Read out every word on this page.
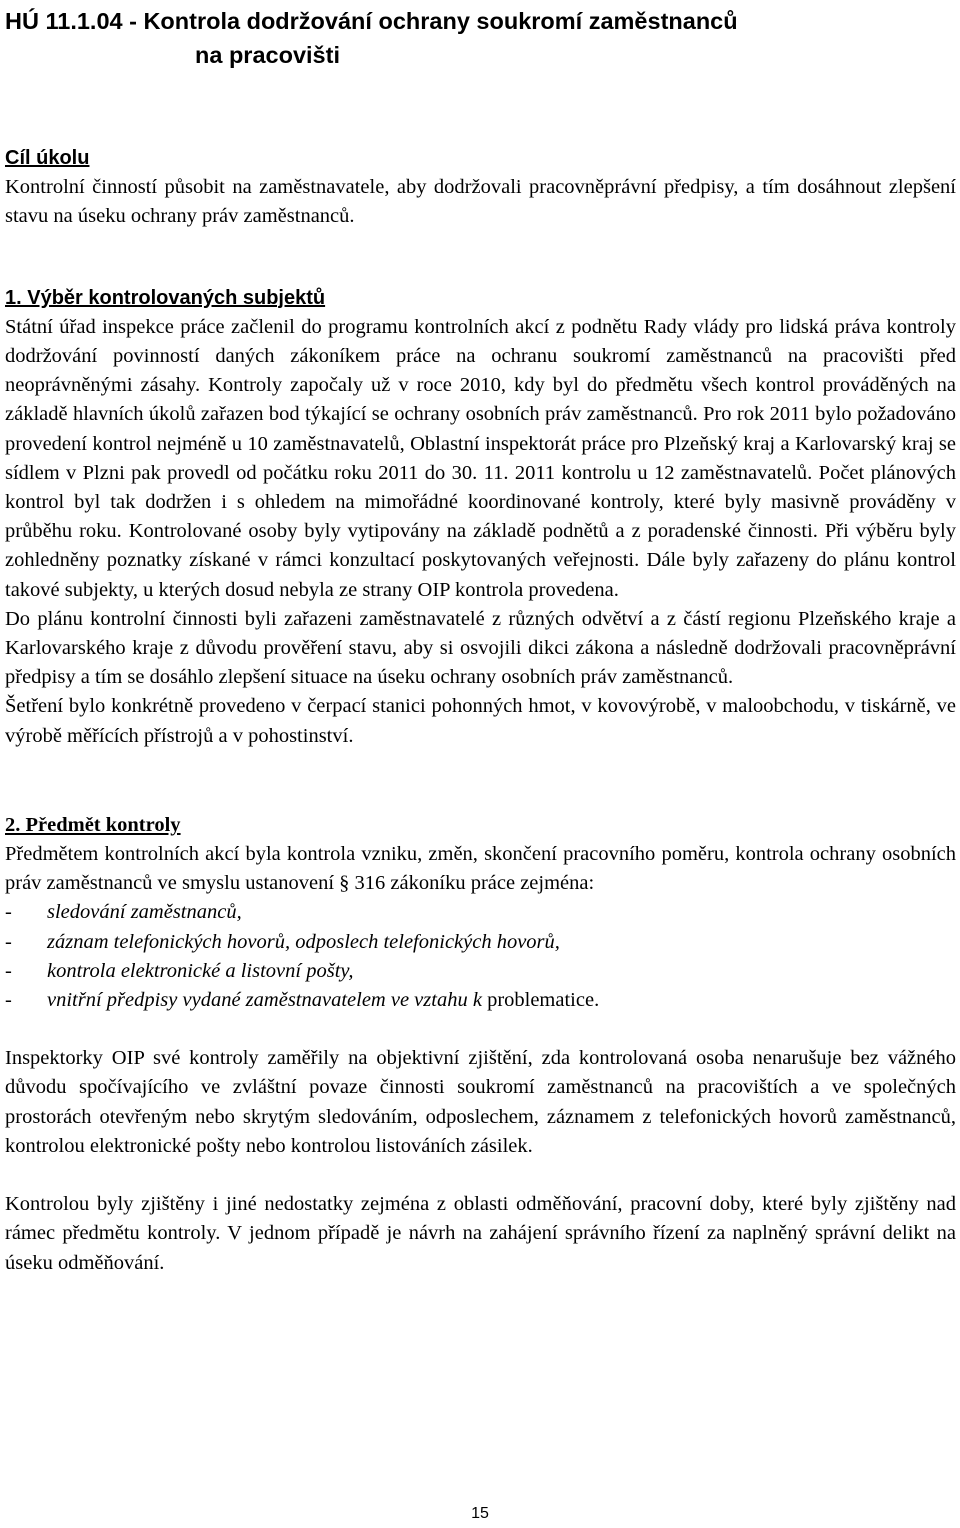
HÚ 11.1.04 - Kontrola dodržování ochrany soukromí zaměstnanců
na pracovišti
Cíl úkolu

Kontrolní činností působit na zaměstnavatele, aby dodržovali pracovněprávní předpisy, a tím dosáhnout zlepšení stavu na úseku ochrany práv zaměstnanců.

1. Výběr kontrolovaných subjektů

Státní úřad inspekce práce začlenil do programu kontrolních akcí z podnětu Rady vlády pro lidská práva kontroly dodržování povinností daných zákoníkem práce na ochranu soukromí zaměstnanců na pracovišti před neoprávněnými zásahy. Kontroly započaly už v roce 2010, kdy byl do předmětu všech kontrol prováděných na základě hlavních úkolů zařazen bod týkající se ochrany osobních práv zaměstnanců. Pro rok 2011 bylo požadováno provedení kontrol nejméně u 10 zaměstnavatelů, Oblastní inspektorát práce pro Plzeňský kraj a Karlovarský kraj se sídlem v Plzni pak provedl od počátku roku 2011 do 30. 11. 2011 kontrolu u 12 zaměstnavatelů. Počet plánových kontrol byl tak dodržen i s ohledem na mimořádné koordinované kontroly, které byly masivně prováděny v průběhu roku. Kontrolované osoby byly vytipovány na základě podnětů a z poradenské činnosti. Při výběru byly zohledněny poznatky získané v rámci konzultací poskytovaných veřejnosti. Dále byly zařazeny do plánu kontrol takové subjekty, u kterých dosud nebyla ze strany OIP kontrola provedena.

Do plánu kontrolní činnosti byli zařazeni zaměstnavatelé z různých odvětví a z částí regionu Plzeňského kraje a Karlovarského kraje z důvodu prověření stavu, aby si osvojili dikci zákona a následně dodržovali pracovněprávní předpisy a tím se dosáhlo zlepšení situace na úseku ochrany osobních práv zaměstnanců.

Šetření bylo konkrétně provedeno v čerpací stanici pohonných hmot, v kovovýrobě, v maloobchodu, v tiskárně, ve výrobě měřících přístrojů a v pohostinství.

2. Předmět kontroly

Předmětem kontrolních akcí byla kontrola vzniku, změn, skončení pracovního poměru, kontrola ochrany osobních práv zaměstnanců ve smyslu ustanovení § 316 zákoníku práce zejména:

-	sledování zaměstnanců,
-	záznam telefonických hovorů, odposlech telefonických hovorů,
-	kontrola elektronické a listovní pošty,
-	vnitřní předpisy vydané zaměstnavatelem ve vztahu k problematice.

Inspektorky OIP své kontroly zaměřily na objektivní zjištění, zda kontrolovaná osoba nenarušuje bez vážného důvodu spočívajícího ve zvláštní povaze činnosti soukromí zaměstnanců na pracovištích a ve společných prostorách otevřeným nebo skrytým sledováním, odposlechem, záznamem z telefonických hovorů zaměstnanců, kontrolou elektronické pošty nebo kontrolou listováních zásilek.

Kontrolou byly zjištěny i jiné nedostatky zejména z oblasti odměňování, pracovní doby, které byly zjištěny nad rámec předmětu kontroly. V jednom případě je návrh na zahájení správního řízení za naplněný správní delikt na úseku odměňování.

15
